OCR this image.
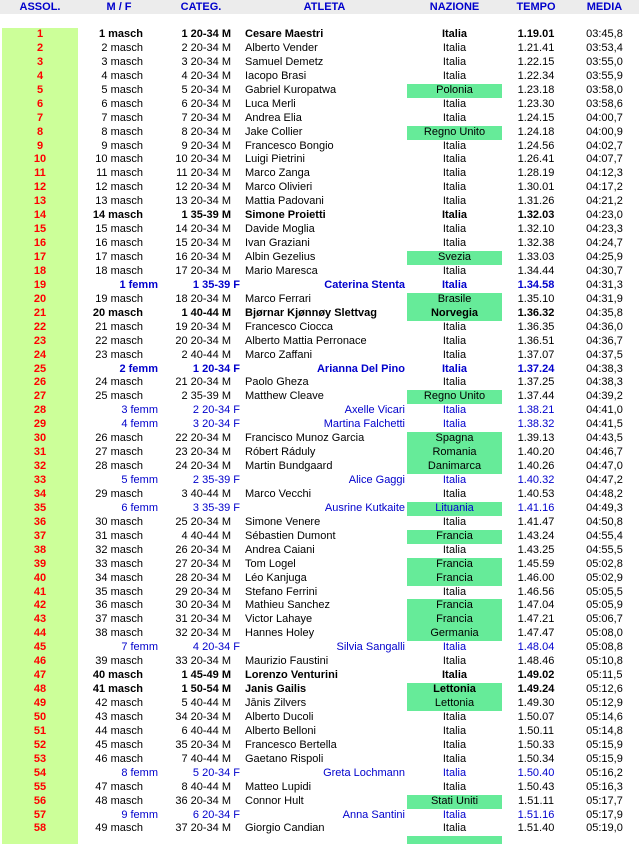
ASSOL.	M / F	CATEG.	ATLETA	NAZIONE	TEMPO	MEDIA
1	1 masch	1 20-34 M	Cesare Maestri	Italia	1.19.01	03:45,8
2	2 masch	2 20-34 M	Alberto Vender	Italia	1.21.41	03:53,4
3	3 masch	3 20-34 M	Samuel Demetz	Italia	1.22.15	03:55,0
4	4 masch	4 20-34 M	Iacopo Brasi	Italia	1.22.34	03:55,9
5	5 masch	5 20-34 M	Gabriel Kuropatwa	Polonia	1.23.18	03:58,0
6	6 masch	6 20-34 M	Luca Merli	Italia	1.23.30	03:58,6
7	7 masch	7 20-34 M	Andrea Elia	Italia	1.24.15	04:00,7
8	8 masch	8 20-34 M	Jake Collier	Regno Unito	1.24.18	04:00,9
9	9 masch	9 20-34 M	Francesco Bongio	Italia	1.24.56	04:02,7
10	10 masch	10 20-34 M	Luigi Pietrini	Italia	1.26.41	04:07,7
11	11 masch	11 20-34 M	Marco Zanga	Italia	1.28.19	04:12,3
12	12 masch	12 20-34 M	Marco Olivieri	Italia	1.30.01	04:17,2
13	13 masch	13 20-34 M	Mattia Padovani	Italia	1.31.26	04:21,2
14	14 masch	1 35-39 M	Simone Proietti	Italia	1.32.03	04:23,0
15	15 masch	14 20-34 M	Davide Moglia	Italia	1.32.10	04:23,3
16	16 masch	15 20-34 M	Ivan Graziani	Italia	1.32.38	04:24,7
17	17 masch	16 20-34 M	Albin Gezelius	Svezia	1.33.03	04:25,9
18	18 masch	17 20-34 M	Mario Maresca	Italia	1.34.44	04:30,7
19	1 femm	1 35-39 F	Caterina Stenta	Italia	1.34.58	04:31,3
20	19 masch	18 20-34 M	Marco Ferrari	Brasile	1.35.10	04:31,9
21	20 masch	1 40-44 M	Bjørnar Kjønnøy Slettvag	Norvegia	1.36.32	04:35,8
22	21 masch	19 20-34 M	Francesco Ciocca	Italia	1.36.35	04:36,0
23	22 masch	20 20-34 M	Alberto Mattia Perronace	Italia	1.36.51	04:36,7
24	23 masch	2 40-44 M	Marco Zaffani	Italia	1.37.07	04:37,5
25	2 femm	1 20-34 F	Arianna Del Pino	Italia	1.37.24	04:38,3
26	24 masch	21 20-34 M	Paolo Gheza	Italia	1.37.25	04:38,3
27	25 masch	2 35-39 M	Matthew Cleave	Regno Unito	1.37.44	04:39,2
28	3 femm	2 20-34 F	Axelle Vicari	Italia	1.38.21	04:41,0
29	4 femm	3 20-34 F	Martina Falchetti	Italia	1.38.32	04:41,5
30	26 masch	22 20-34 M	Francisco Munoz Garcia	Spagna	1.39.13	04:43,5
31	27 masch	23 20-34 M	Róbert Ráduly	Romania	1.40.20	04:46,7
32	28 masch	24 20-34 M	Martin Bundgaard	Danimarca	1.40.26	04:47,0
33	5 femm	2 35-39 F	Alice Gaggi	Italia	1.40.32	04:47,2
34	29 masch	3 40-44 M	Marco Vecchi	Italia	1.40.53	04:48,2
35	6 femm	3 35-39 F	Ausrine Kutkaite	Lituania	1.41.16	04:49,3
36	30 masch	25 20-34 M	Simone Venere	Italia	1.41.47	04:50,8
37	31 masch	4 40-44 M	Sébastien Dumont	Francia	1.43.24	04:55,4
38	32 masch	26 20-34 M	Andrea Caiani	Italia	1.43.25	04:55,5
39	33 masch	27 20-34 M	Tom Logel	Francia	1.45.59	05:02,8
40	34 masch	28 20-34 M	Léo Kanjuga	Francia	1.46.00	05:02,9
41	35 masch	29 20-34 M	Stefano Ferrini	Italia	1.46.56	05:05,5
42	36 masch	30 20-34 M	Mathieu Sanchez	Francia	1.47.04	05:05,9
43	37 masch	31 20-34 M	Victor Lahaye	Francia	1.47.21	05:06,7
44	38 masch	32 20-34 M	Hannes Holey	Germania	1.47.47	05:08,0
45	7 femm	4 20-34 F	Silvia Sangalli	Italia	1.48.04	05:08,8
46	39 masch	33 20-34 M	Maurizio Faustini	Italia	1.48.46	05:10,8
47	40 masch	1 45-49 M	Lorenzo Venturini	Italia	1.49.02	05:11,5
48	41 masch	1 50-54 M	Janis Gailis	Lettonia	1.49.24	05:12,6
49	42 masch	5 40-44 M	Jānis Zilvers	Lettonia	1.49.30	05:12,9
50	43 masch	34 20-34 M	Alberto Ducoli	Italia	1.50.07	05:14,6
51	44 masch	6 40-44 M	Alberto Belloni	Italia	1.50.11	05:14,8
52	45 masch	35 20-34 M	Francesco Bertella	Italia	1.50.33	05:15,9
53	46 masch	7 40-44 M	Gaetano Rispoli	Italia	1.50.34	05:15,9
54	8 femm	5 20-34 F	Greta Lochmann	Italia	1.50.40	05:16,2
55	47 masch	8 40-44 M	Matteo Lupidi	Italia	1.50.43	05:16,3
56	48 masch	36 20-34 M	Connor Hult	Stati Uniti	1.51.11	05:17,7
57	9 femm	6 20-34 F	Anna Santini	Italia	1.51.16	05:17,9
58	49 masch	37 20-34 M	Giorgio Candian	Italia	1.51.40	05:19,0
